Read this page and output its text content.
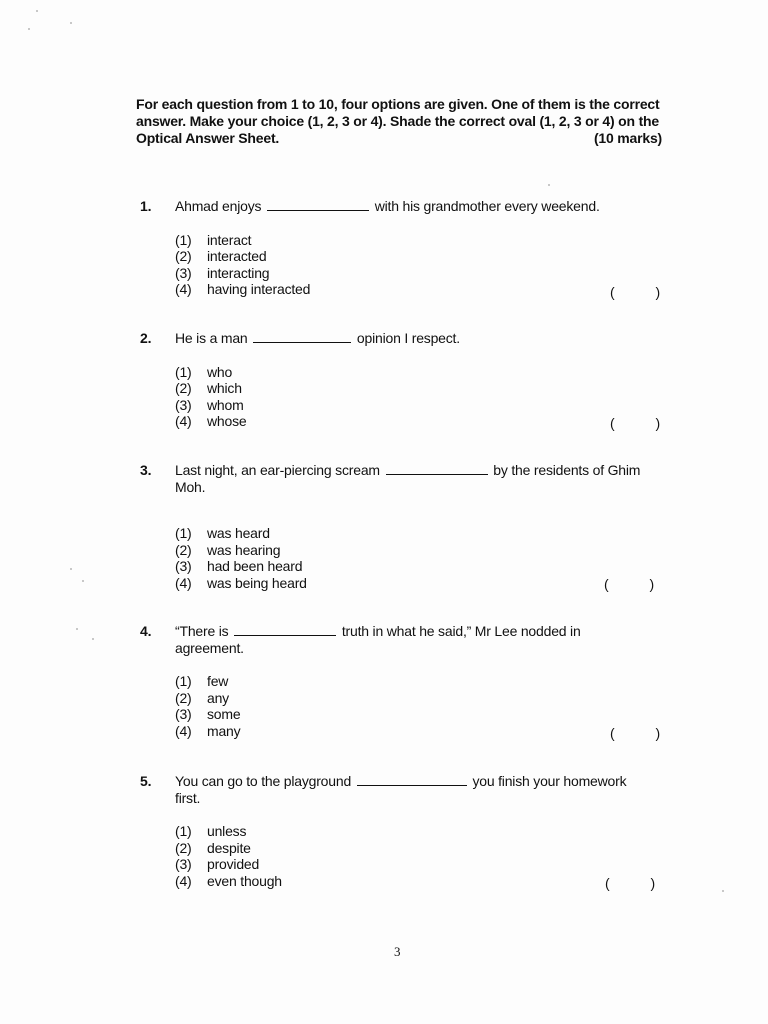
For each question from 1 to 10, four options are given. One of them is the correct
answer. Make your choice (1, 2, 3 or 4). Shade the correct oval (1, 2, 3 or 4) on the
Optical Answer Sheet.	(10 marks)
1.	Ahmad enjoys	with his grandmother every weekend.
(1)	interact
(2)	interacted
(3)	interacting
(4)	having interacted	(	)
2.	He is a man	opinion I respect.
(1)	who
(2)	which
(3)	whom
(4)	whose	(	)
3.	Last night, an ear-piercing scream	by the residents of Ghim
Moh.
(1)	was heard
(2)	was hearing
(3)	had been heard
(4)	was being heard	(	)
4.	“There is	truth in what he said,” Mr Lee nodded in
agreement.
(1)	few
(2)	any
(3)	some
(4)	many	(	)
5.	You can go to the playground	you finish your homework
first.
(1)	unless
(2)	despite
(3)	provided
(4)	even though	(	)
3
